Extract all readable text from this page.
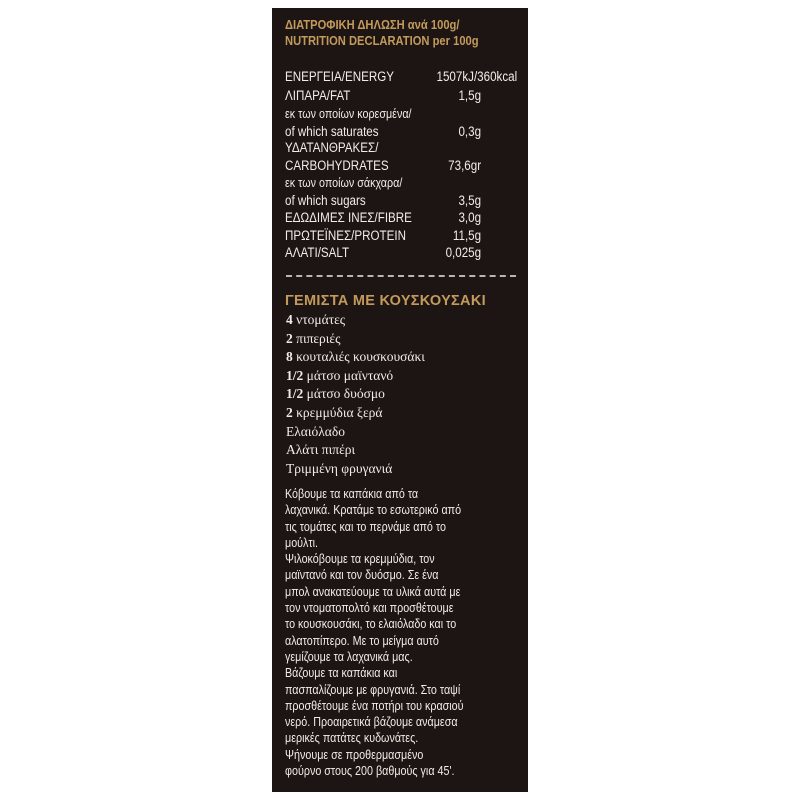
ΔΙΑΤΡΟΦΙΚΗ ΔΗΛΩΣΗ ανά 100g/
NUTRITION DECLARATION per 100g
ΕΝΕΡΓΕΙΑ/ENERGY	1507kJ/360kcal
ΛΙΠΑΡΑ/FAT	1,5g
εκ των οποίων κορεσμένα/
of which saturates	0,3g
ΥΔΑΤΑΝΘΡΑΚΕΣ/
CARBOHYDRATES	73,6gr
εκ των οποίων σάκχαρα/
of which sugars	3,5g
ΕΔΩΔΙΜΕΣ ΙΝΕΣ/FIBRE	3,0g
ΠΡΩΤΕΪΝΕΣ/PROTEIN	11,5g
ΑΛΑΤΙ/SALT	0,025g
ΓΕΜΙΣΤΑ ΜΕ ΚΟΥΣΚΟΥΣΑΚΙ
4 ντομάτες
2 πιπεριές
8 κουταλιές κουσκουσάκι
1/2 μάτσο μαϊντανό
1/2 μάτσο δυόσμο
2 κρεμμύδια ξερά
Ελαιόλαδο
Αλάτι πιπέρι
Τριμμένη φρυγανιά
Κόβουμε τα καπάκια από τα
λαχανικά. Κρατάμε το εσωτερικό από
τις τομάτες και το περνάμε από το
μούλτι.
Ψιλοκόβουμε τα κρεμμύδια, τον
μαϊντανό και τον δυόσμο. Σε ένα
μπολ ανακατεύουμε τα υλικά αυτά με
τον ντοματοπολτό και προσθέτουμε
το κουσκουσάκι, το ελαιόλαδο και το
αλατοπίπερο. Με το μείγμα αυτό
γεμίζουμε τα λαχανικά μας.
Βάζουμε τα καπάκια και
πασπαλίζουμε με φρυγανιά. Στο ταψί
προσθέτουμε ένα ποτήρι του κρασιού
νερό. Προαιρετικά βάζουμε ανάμεσα
μερικές πατάτες κυδωνάτες.
Ψήνουμε σε προθερμασμένο
φούρνο στους 200 βαθμούς για 45'.
